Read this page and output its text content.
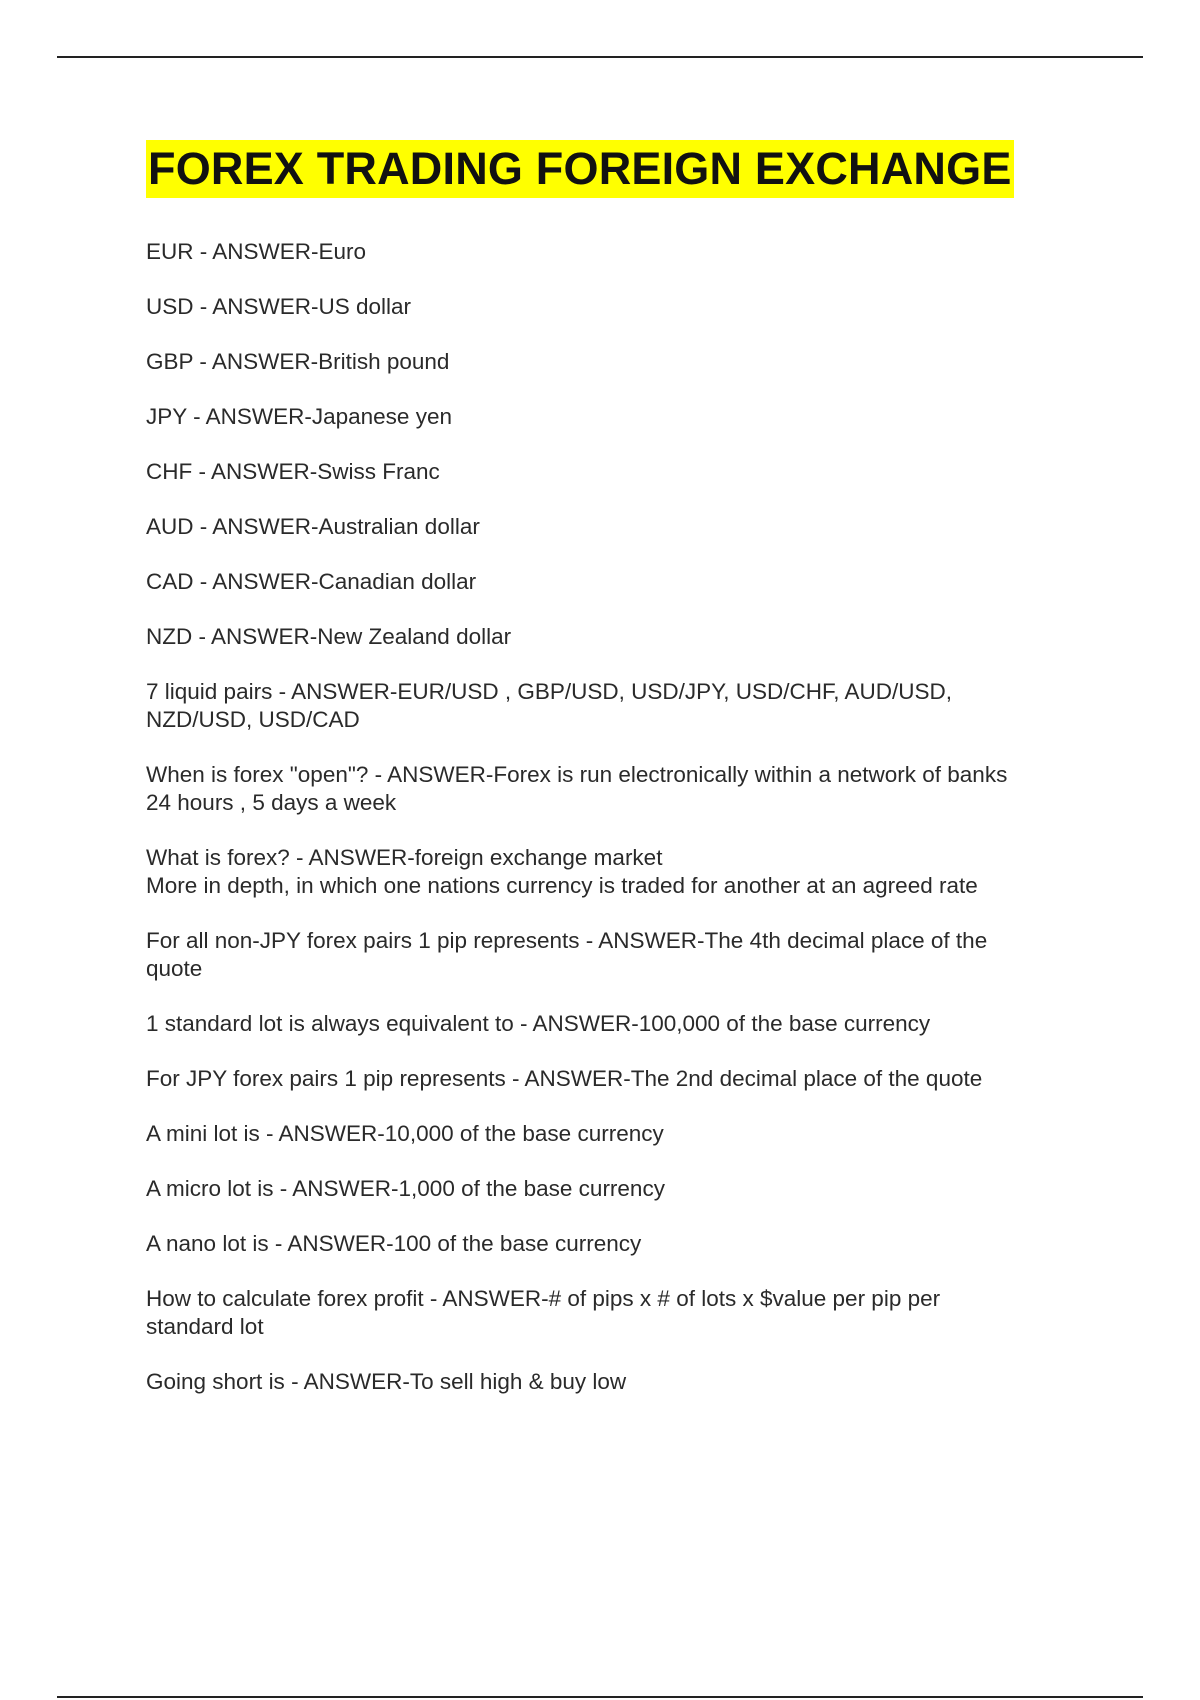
FOREX TRADING FOREIGN EXCHANGE
EUR - ANSWER-Euro
USD - ANSWER-US dollar
GBP - ANSWER-British pound
JPY - ANSWER-Japanese yen
CHF - ANSWER-Swiss Franc
AUD - ANSWER-Australian dollar
CAD - ANSWER-Canadian dollar
NZD - ANSWER-New Zealand dollar
7 liquid pairs - ANSWER-EUR/USD , GBP/USD, USD/JPY, USD/CHF, AUD/USD,
NZD/USD, USD/CAD
When is forex "open"? - ANSWER-Forex is run electronically within a network of banks
24 hours , 5 days a week
What is forex? - ANSWER-foreign exchange market
More in depth, in which one nations currency is traded for another at an agreed rate
For all non-JPY forex pairs 1 pip represents - ANSWER-The 4th decimal place of the
quote
1 standard lot is always equivalent to - ANSWER-100,000 of the base currency
For JPY forex pairs 1 pip represents - ANSWER-The 2nd decimal place of the quote
A mini lot is - ANSWER-10,000 of the base currency
A micro lot is - ANSWER-1,000 of the base currency
A nano lot is - ANSWER-100 of the base currency
How to calculate forex profit - ANSWER-# of pips x # of lots x $value per pip per
standard lot
Going short is - ANSWER-To sell high & buy low
